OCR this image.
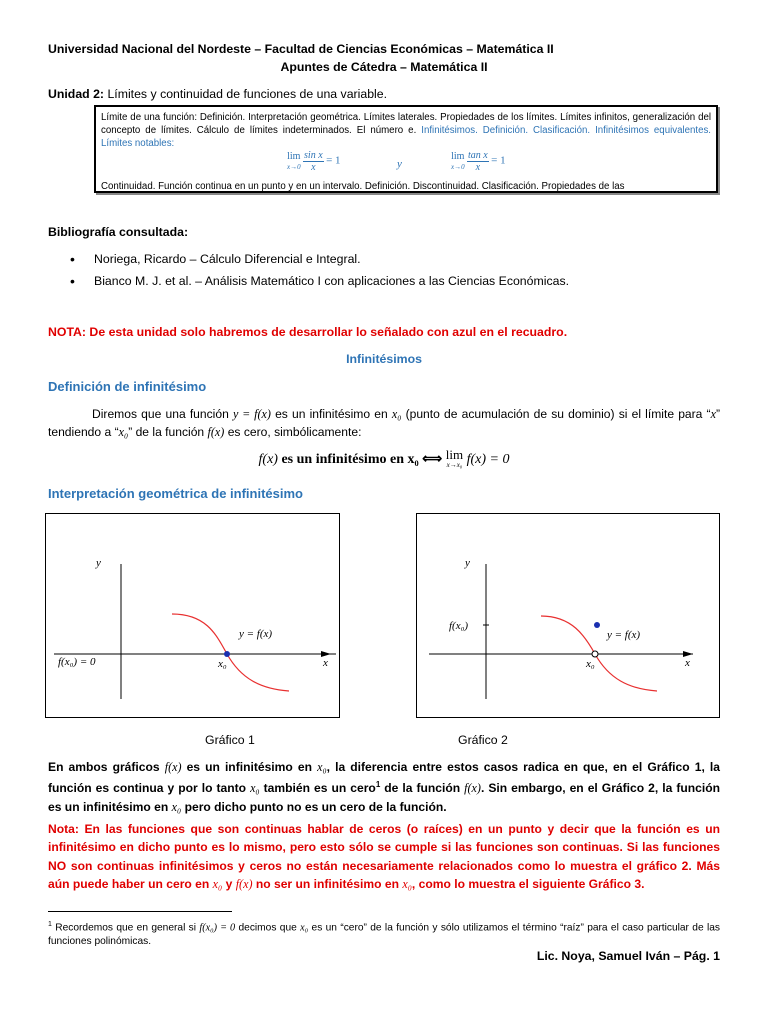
Universidad Nacional del Nordeste – Facultad de Ciencias Económicas – Matemática II
Apuntes de Cátedra – Matemática II
Unidad 2: Límites y continuidad de funciones de una variable.

Límite de una función: Definición. Interpretación geométrica. Límites laterales. Propiedades de los límites. Límites infinitos, generalización del concepto de límites. Cálculo de límites indeterminados. El número e. Infinitésimos. Definición. Clasificación. Infinitésimos equivalentes. Límites notables:

lim
x→0
$\frac{\text{sin x}}{x} = 1$	y
lim
x→0
$\frac{\text{tan x}}{x} = 1$

Continuidad. Función continua en un punto y en un intervalo. Definición. Discontinuidad. Clasificación. Propiedades de las

Bibliografía consultada:
• Noriega, Ricardo – Cálculo Diferencial e Integral.
• Bianco M. J. et al. – Análisis Matemático I con aplicaciones a las Ciencias Económicas.
NOTA: De esta unidad solo habremos de desarrollar lo señalado con azul en el recuadro.
Infinitésimos
Definición de infinitésimo
Diremos que una función y = f(x) es un infinitésimo en x₀ (punto de acumulación de su dominio) si el límite para “x” tendiendo a “x₀” de la función f(x) es cero, simbólicamente:
f(x) es un infinitésimo en x₀ ⟺ lim
x→x₀ f(x) = 0
Interpretación geométrica de infinitésimo
y
x
y = f(x)
f(x₀) = 0	x₀
y
x
y = f(x)
f(x₀)
x₀
Gráfico 1	Gráfico 2
En ambos gráficos f(x) es un infinitésimo en x₀, la diferencia entre estos casos radica en que, en el Gráfico 1, la función es continua y por lo tanto x₀ también es un cero$^1$ de la función f(x). Sin embargo, en el Gráfico 2, la función es un infinitésimo en x₀ pero dicho punto no es un cero de la función.
Nota: En las funciones que son continuas hablar de ceros (o raíces) en un punto y decir que la función es un infinitésimo en dicho punto es lo mismo, pero esto sólo se cumple si las funciones son continuas. Si las funciones NO son continuas infinitésimos y ceros no están necesariamente relacionados como lo muestra el gráfico 2. Más aún puede haber un cero en x₀ y f(x) no ser un infinitésimo en x₀, como lo muestra el siguiente Gráfico 3.
$^1$ Recordemos que en general si f(x₀) = 0 decimos que x₀ es un “cero” de la función y sólo utilizamos el término “raíz” para el caso particular de las funciones polinómicas.
Lic. Noya, Samuel Iván – Pág. 1
